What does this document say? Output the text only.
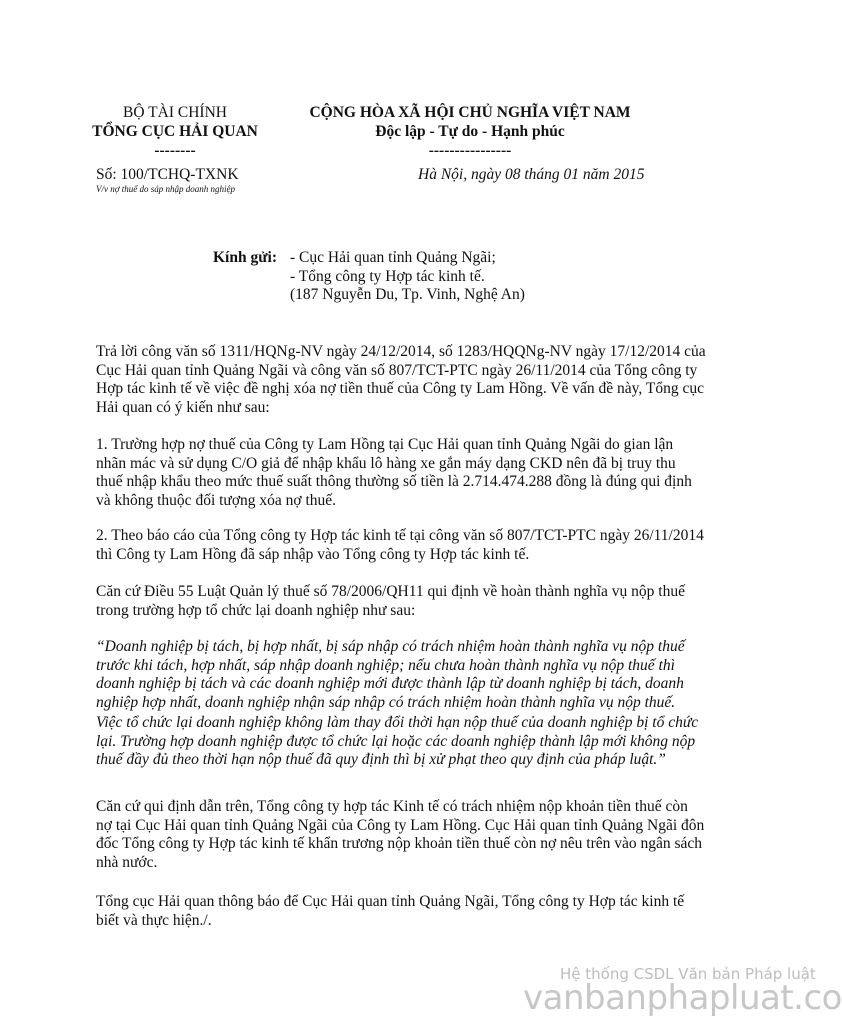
BỘ TÀI CHÍNH
TỔNG CỤC HẢI QUAN
--------
CỘNG HÒA XÃ HỘI CHỦ NGHĨA VIỆT NAM
Độc lập - Tự do - Hạnh phúc
----------------
Số: 100/TCHQ-TXNK
V/v nợ thuế do sáp nhập doanh nghiệp
Hà Nội, ngày 08 tháng 01 năm 2015
Kính gửi: - Cục Hải quan tỉnh Quảng Ngãi;
- Tổng công ty Hợp tác kinh tế.
(187 Nguyễn Du, Tp. Vinh, Nghệ An)

Trả lời công văn số 1311/HQNg-NV ngày 24/12/2014, số 1283/HQQNg-NV ngày 17/12/2014 của Cục Hải quan tỉnh Quảng Ngãi và công văn số 807/TCT-PTC ngày 26/11/2014 của Tổng công ty Hợp tác kinh tế về việc đề nghị xóa nợ tiền thuế của Công ty Lam Hồng. Về vấn đề này, Tổng cục Hải quan có ý kiến như sau:

1. Trường hợp nợ thuế của Công ty Lam Hồng tại Cục Hải quan tỉnh Quảng Ngãi do gian lận nhãn mác và sử dụng C/O giả để nhập khẩu lô hàng xe gắn máy dạng CKD nên đã bị truy thu thuế nhập khẩu theo mức thuế suất thông thường số tiền là 2.714.474.288 đồng là đúng qui định và không thuộc đối tượng xóa nợ thuế.

2. Theo báo cáo của Tổng công ty Hợp tác kinh tế tại công văn số 807/TCT-PTC ngày 26/11/2014 thì Công ty Lam Hồng đã sáp nhập vào Tổng công ty Hợp tác kinh tế.

Căn cứ Điều 55 Luật Quản lý thuế số 78/2006/QH11 qui định về hoàn thành nghĩa vụ nộp thuế trong trường hợp tổ chức lại doanh nghiệp như sau:

“Doanh nghiệp bị tách, bị hợp nhất, bị sáp nhập có trách nhiệm hoàn thành nghĩa vụ nộp thuế trước khi tách, hợp nhất, sáp nhập doanh nghiệp; nếu chưa hoàn thành nghĩa vụ nộp thuế thì doanh nghiệp bị tách và các doanh nghiệp mới được thành lập từ doanh nghiệp bị tách, doanh nghiệp hợp nhất, doanh nghiệp nhận sáp nhập có trách nhiệm hoàn thành nghĩa vụ nộp thuế.

Việc tổ chức lại doanh nghiệp không làm thay đổi thời hạn nộp thuế của doanh nghiệp bị tổ chức lại. Trường hợp doanh nghiệp được tổ chức lại hoặc các doanh nghiệp thành lập mới không nộp thuế đầy đủ theo thời hạn nộp thuế đã quy định thì bị xử phạt theo quy định của pháp luật.”

Căn cứ qui định dẫn trên, Tổng công ty hợp tác Kinh tế có trách nhiệm nộp khoản tiền thuế còn nợ tại Cục Hải quan tỉnh Quảng Ngãi của Công ty Lam Hồng. Cục Hải quan tỉnh Quảng Ngãi đôn đốc Tổng công ty Hợp tác kinh tế khẩn trương nộp khoản tiền thuế còn nợ nêu trên vào ngân sách nhà nước.

Tổng cục Hải quan thông báo để Cục Hải quan tỉnh Quảng Ngãi, Tổng công ty Hợp tác kinh tế biết và thực hiện./.

Hệ thống CSDL Văn bản Pháp luật
vanbanphapluat.co
